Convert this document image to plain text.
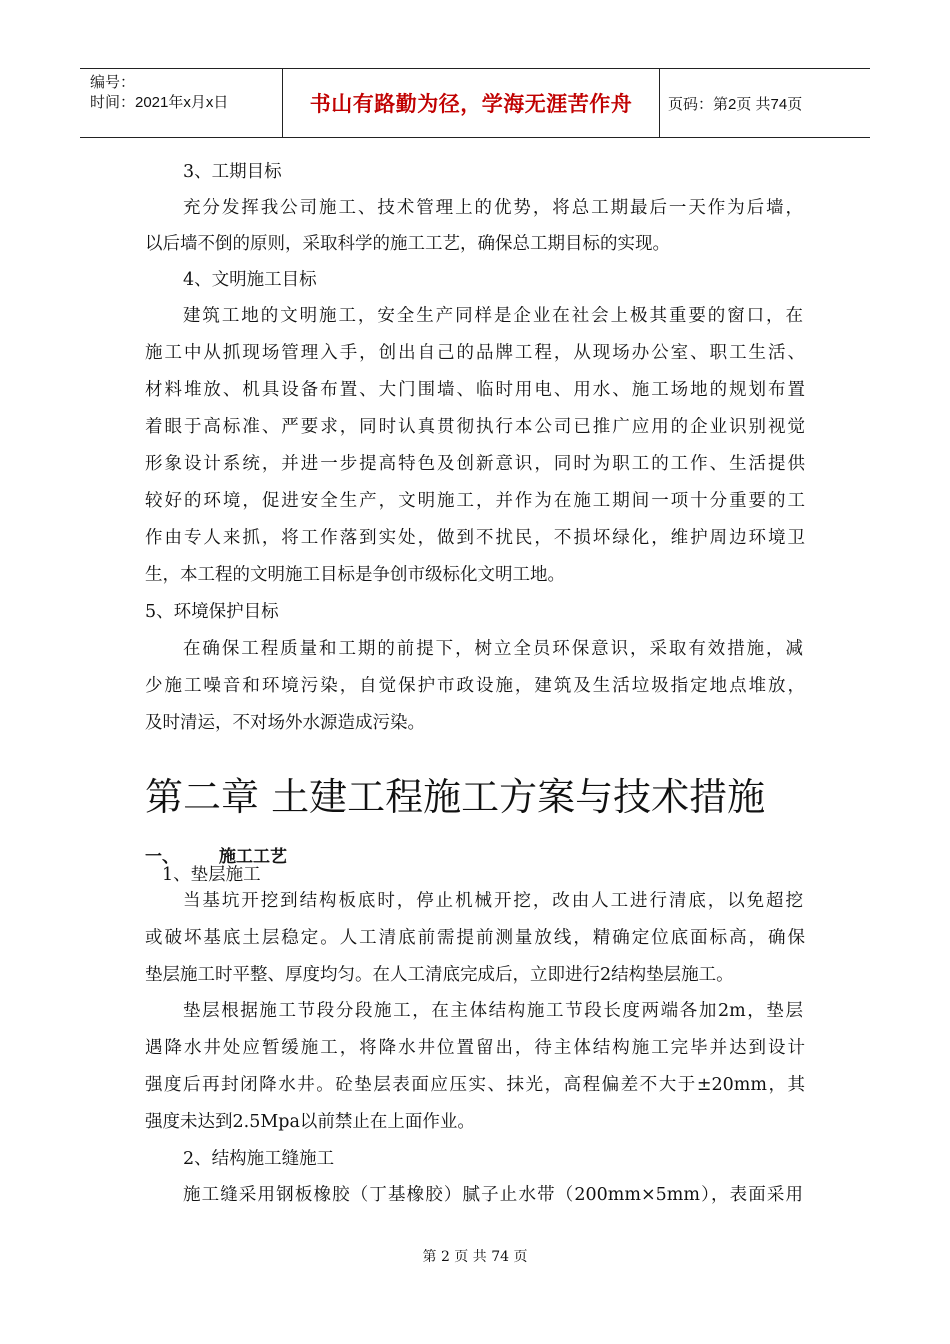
编号：
时间：2021年x月x日	书山有路勤为径，学海无涯苦作舟	页码：第2页 共74页
3、工期目标
充分发挥我公司施工、技术管理上的优势，将总工期最后一天作为后墙，
以后墙不倒的原则，采取科学的施工工艺，确保总工期目标的实现。
4、文明施工目标
建筑工地的文明施工，安全生产同样是企业在社会上极其重要的窗口，在
施工中从抓现场管理入手，创出自己的品牌工程，从现场办公室、职工生活、
材料堆放、机具设备布置、大门围墙、临时用电、用水、施工场地的规划布置
着眼于高标准、严要求，同时认真贯彻执行本公司已推广应用的企业识别视觉
形象设计系统，并进一步提高特色及创新意识，同时为职工的工作、生活提供
较好的环境，促进安全生产，文明施工，并作为在施工期间一项十分重要的工
作由专人来抓，将工作落到实处，做到不扰民，不损坏绿化，维护周边环境卫
生，本工程的文明施工目标是争创市级标化文明工地。
5、环境保护目标
在确保工程质量和工期的前提下，树立全员环保意识，采取有效措施，减
少施工噪音和环境污染，自觉保护市政设施，建筑及生活垃圾指定地点堆放，
及时清运，不对场外水源造成污染。
第二章 土建工程施工方案与技术措施
一、 施工工艺
1、垫层施工
当基坑开挖到结构板底时，停止机械开挖，改由人工进行清底，以免超挖
或破坏基底土层稳定。人工清底前需提前测量放线，精确定位底面标高，确保
垫层施工时平整、厚度均匀。在人工清底完成后，立即进行2结构垫层施工。
垫层根据施工节段分段施工，在主体结构施工节段长度两端各加2m，垫层
遇降水井处应暂缓施工，将降水井位置留出，待主体结构施工完毕并达到设计
强度后再封闭降水井。砼垫层表面应压实、抹光，高程偏差不大于±20mm，其
强度未达到2.5Mpa以前禁止在上面作业。
2、结构施工缝施工
施工缝采用钢板橡胶（丁基橡胶）腻子止水带（200mm×5mm），表面采用
第 2 页 共 74 页
